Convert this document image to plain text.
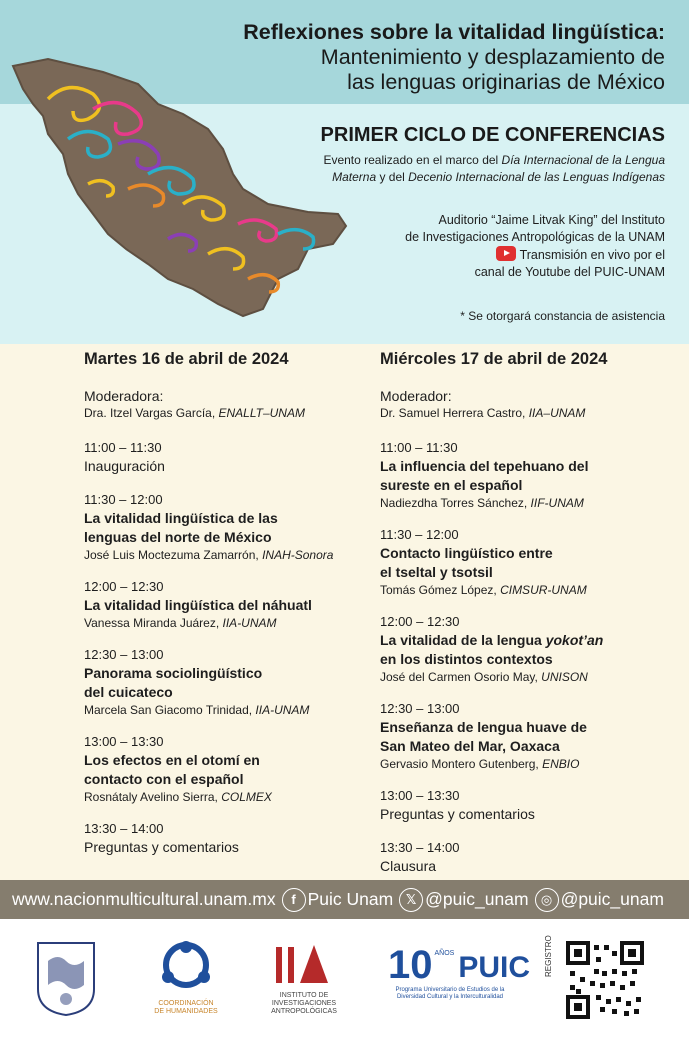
Reflexiones sobre la vitalidad lingüística:
Mantenimiento y desplazamiento de
las lenguas originarias de México
PRIMER CICLO DE CONFERENCIAS
Evento realizado en el marco del Día Internacional de la Lengua
Materna y del Decenio Internacional de las Lenguas Indígenas
Auditorio “Jaime Litvak King” del Instituto
de Investigaciones Antropológicas de la UNAM
Transmisión en vivo por el
canal de Youtube del PUIC-UNAM
* Se otorgará constancia de asistencia
Martes 16 de abril de 2024
Moderadora:
Dra. Itzel Vargas García, ENALLT–UNAM
11:00 – 11:30
Inauguración
11:30 – 12:00
La vitalidad lingüística de las
lenguas del norte de México
José Luis Moctezuma Zamarrón, INAH-Sonora
12:00 – 12:30
La vitalidad lingüística del náhuatl
Vanessa Miranda Juárez, IIA-UNAM
12:30 – 13:00
Panorama sociolingüístico
del cuicateco
Marcela San Giacomo Trinidad, IIA-UNAM
13:00 – 13:30
Los efectos en el otomí en
contacto con el español
Rosnátaly Avelino Sierra, COLMEX
13:30 – 14:00
Preguntas y comentarios
Miércoles 17 de abril de 2024
Moderador:
Dr. Samuel Herrera Castro, IIA–UNAM
11:00 – 11:30
La influencia del tepehuano del
sureste en el español
Nadiezdha Torres Sánchez, IIF-UNAM
11:30 – 12:00
Contacto lingüístico entre
el tseltal y tsotsil
Tomás Gómez López, CIMSUR-UNAM
12:00 – 12:30
La vitalidad de la lengua yokot’an
en los distintos contextos
José del Carmen Osorio May, UNISON
12:30 – 13:00
Enseñanza de lengua huave de
San Mateo del Mar, Oaxaca
Gervasio Montero Gutenberg, ENBIO
13:00 – 13:30
Preguntas y comentarios
13:30 – 14:00
Clausura
www.nacionmulticultural.unam.mx	f Puic Unam 𝕏 @puic_unam ◎ @puic_unam
COORDINACIÓN
DE HUMANIDADES
INSTITUTO DE
INVESTIGACIONES
ANTROPOLÓGICAS
10 AÑOS PUIC
Programa Universitario de Estudios de la
Diversidad Cultural y la Interculturalidad
REGISTRO
